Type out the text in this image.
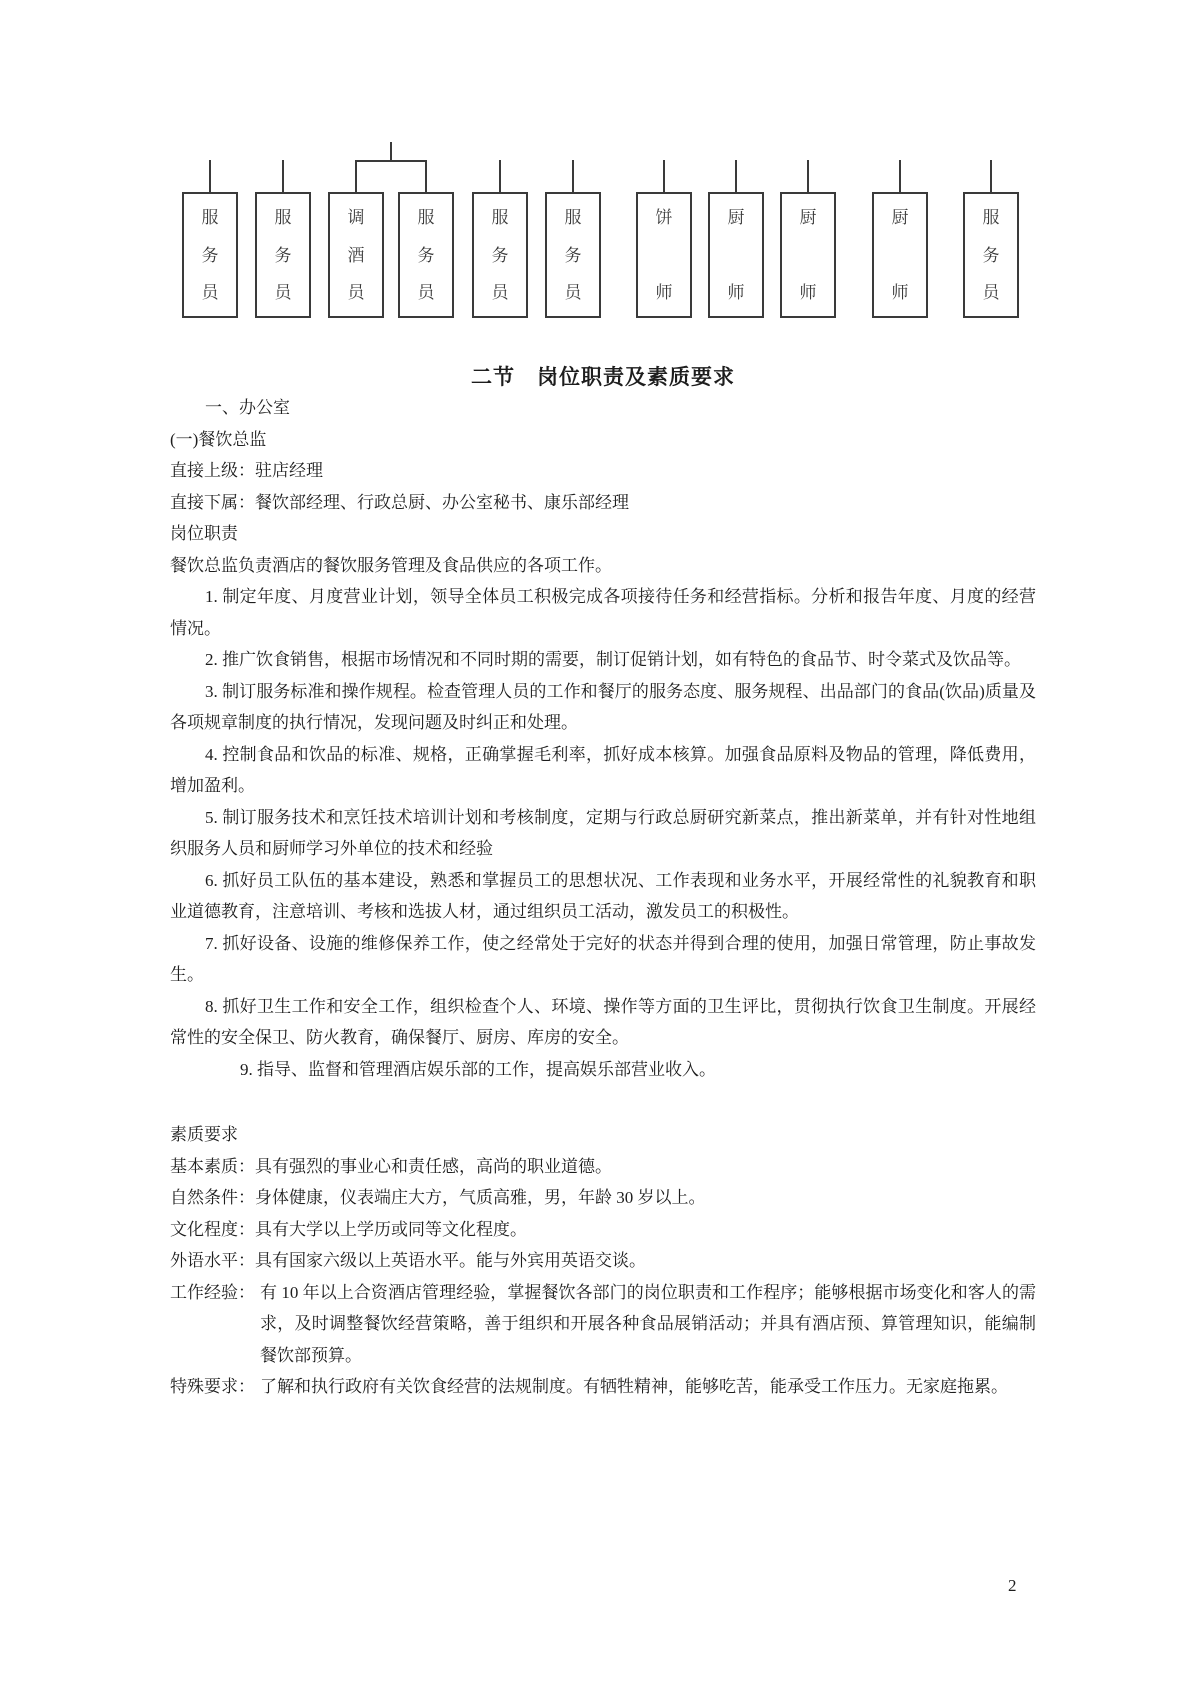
服
务
员
服
务
员
调
酒
员
服
务
员
服
务
员
服
务
员
饼
师
厨
师
厨
师
厨
师
服
务
员
二节　岗位职责及素质要求
一、办公室
(一)餐饮总监
直接上级：驻店经理
直接下属：餐饮部经理、行政总厨、办公室秘书、康乐部经理
岗位职责
餐饮总监负责酒店的餐饮服务管理及食品供应的各项工作。
1. 制定年度、月度营业计划，领导全体员工积极完成各项接待任务和经营指标。分析和报告年度、月度的经营情况。
2. 推广饮食销售，根据市场情况和不同时期的需要，制订促销计划，如有特色的食品节、时令菜式及饮品等。
3. 制订服务标准和操作规程。检查管理人员的工作和餐厅的服务态度、服务规程、出品部门的食品(饮品)质量及各项规章制度的执行情况，发现问题及时纠正和处理。
4. 控制食品和饮品的标准、规格，正确掌握毛利率，抓好成本核算。加强食品原料及物品的管理，降低费用，增加盈利。
5. 制订服务技术和烹饪技术培训计划和考核制度，定期与行政总厨研究新菜点，推出新菜单，并有针对性地组织服务人员和厨师学习外单位的技术和经验
6. 抓好员工队伍的基本建设，熟悉和掌握员工的思想状况、工作表现和业务水平，开展经常性的礼貌教育和职业道德教育，注意培训、考核和选拔人材，通过组织员工活动，激发员工的积极性。
7. 抓好设备、设施的维修保养工作，使之经常处于完好的状态并得到合理的使用，加强日常管理，防止事故发生。
8. 抓好卫生工作和安全工作，组织检查个人、环境、操作等方面的卫生评比，贯彻执行饮食卫生制度。开展经常性的安全保卫、防火教育，确保餐厅、厨房、库房的安全。
9. 指导、监督和管理酒店娱乐部的工作，提高娱乐部营业收入。
素质要求
基本素质：具有强烈的事业心和责任感，高尚的职业道德。
自然条件：身体健康，仪表端庄大方，气质高雅，男，年龄 30 岁以上。
文化程度：具有大学以上学历或同等文化程度。
外语水平：具有国家六级以上英语水平。能与外宾用英语交谈。
工作经验： 有 10 年以上合资酒店管理经验，掌握餐饮各部门的岗位职责和工作程序；能够根据市场变化和客人的需求，及时调整餐饮经营策略，善于组织和开展各种食品展销活动；并具有酒店预、算管理知识，能编制餐饮部预算。
特殊要求： 了解和执行政府有关饮食经营的法规制度。有牺牲精神，能够吃苦，能承受工作压力。无家庭拖累。
2
